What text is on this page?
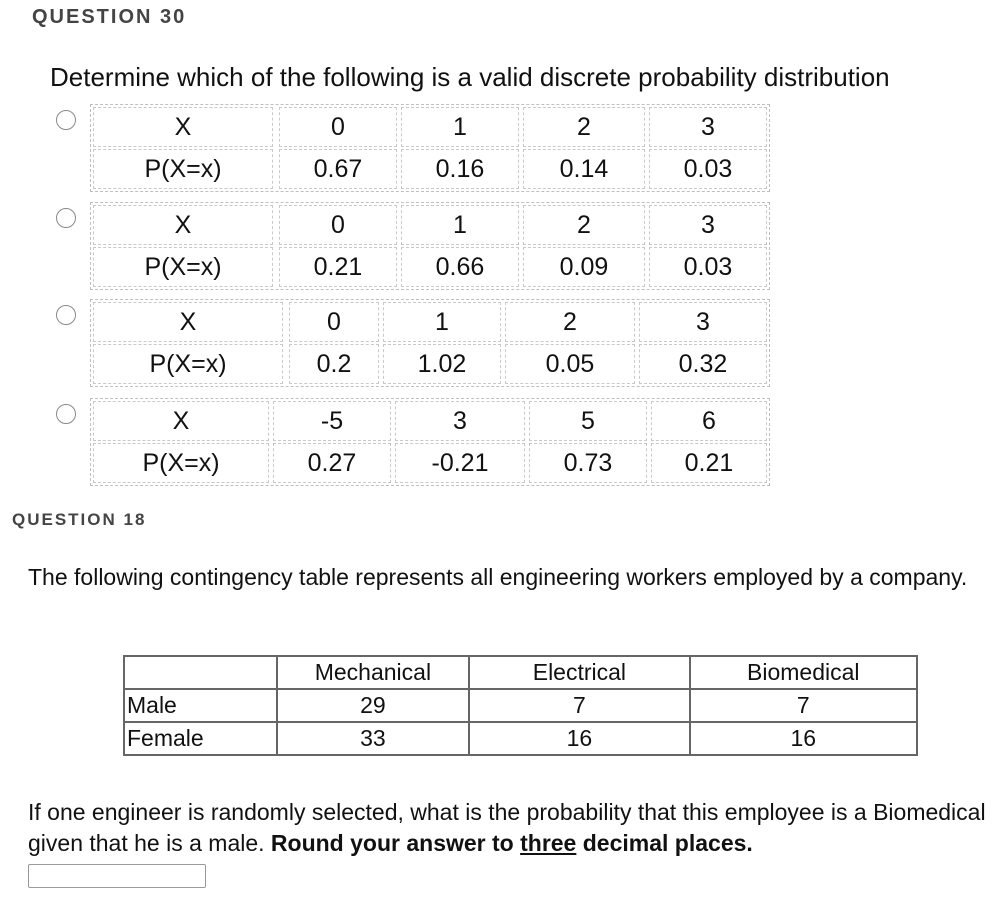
QUESTION 30
Determine which of the following is a valid discrete probability distribution
X	0	1	2	3
P(X=x)	0.67	0.16	0.14	0.03
X	0	1	2	3
P(X=x)	0.21	0.66	0.09	0.03
X	0	1	2	3
P(X=x)	0.2	1.02	0.05	0.32
X	-5	3	5	6
P(X=x)	0.27	-0.21	0.73	0.21
QUESTION 18
The following contingency table represents all engineering workers employed by a company.
	Mechanical	Electrical	Biomedical
Male	29	7	7
Female	33	16	16
If one engineer is randomly selected, what is the probability that this employee is a Biomedical given that he is a male. Round your answer to three decimal places.
